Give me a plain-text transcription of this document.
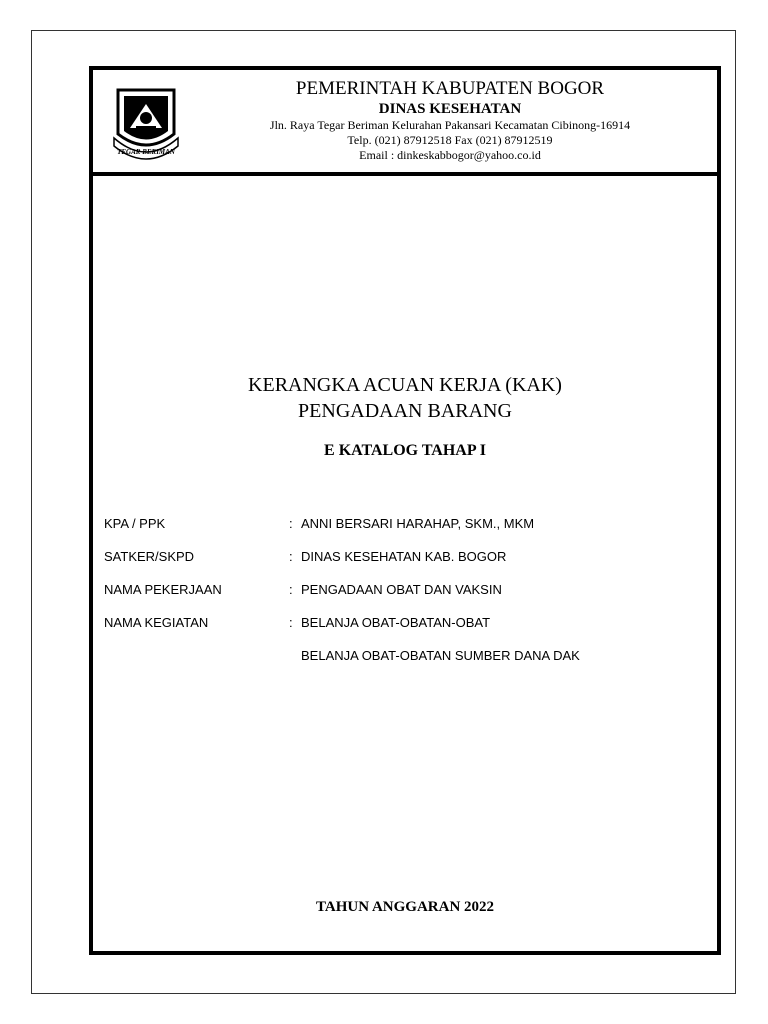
TEGAR BERIMAN
PEMERINTAH KABUPATEN BOGOR
DINAS KESEHATAN
Jln. Raya Tegar Beriman Kelurahan Pakansari Kecamatan Cibinong-16914
Telp. (021) 87912518 Fax (021) 87912519
Email : dinkeskabbogor@yahoo.co.id
KERANGKA ACUAN KERJA (KAK)
PENGADAAN BARANG
E KATALOG TAHAP I
KPA / PPK	: ANNI BERSARI HARAHAP, SKM., MKM
SATKER/SKPD	: DINAS KESEHATAN KAB. BOGOR
NAMA PEKERJAAN	: PENGADAAN OBAT DAN VAKSIN
NAMA KEGIATAN	: BELANJA OBAT-OBATAN-OBAT
BELANJA OBAT-OBATAN SUMBER DANA DAK
TAHUN ANGGARAN 2022
